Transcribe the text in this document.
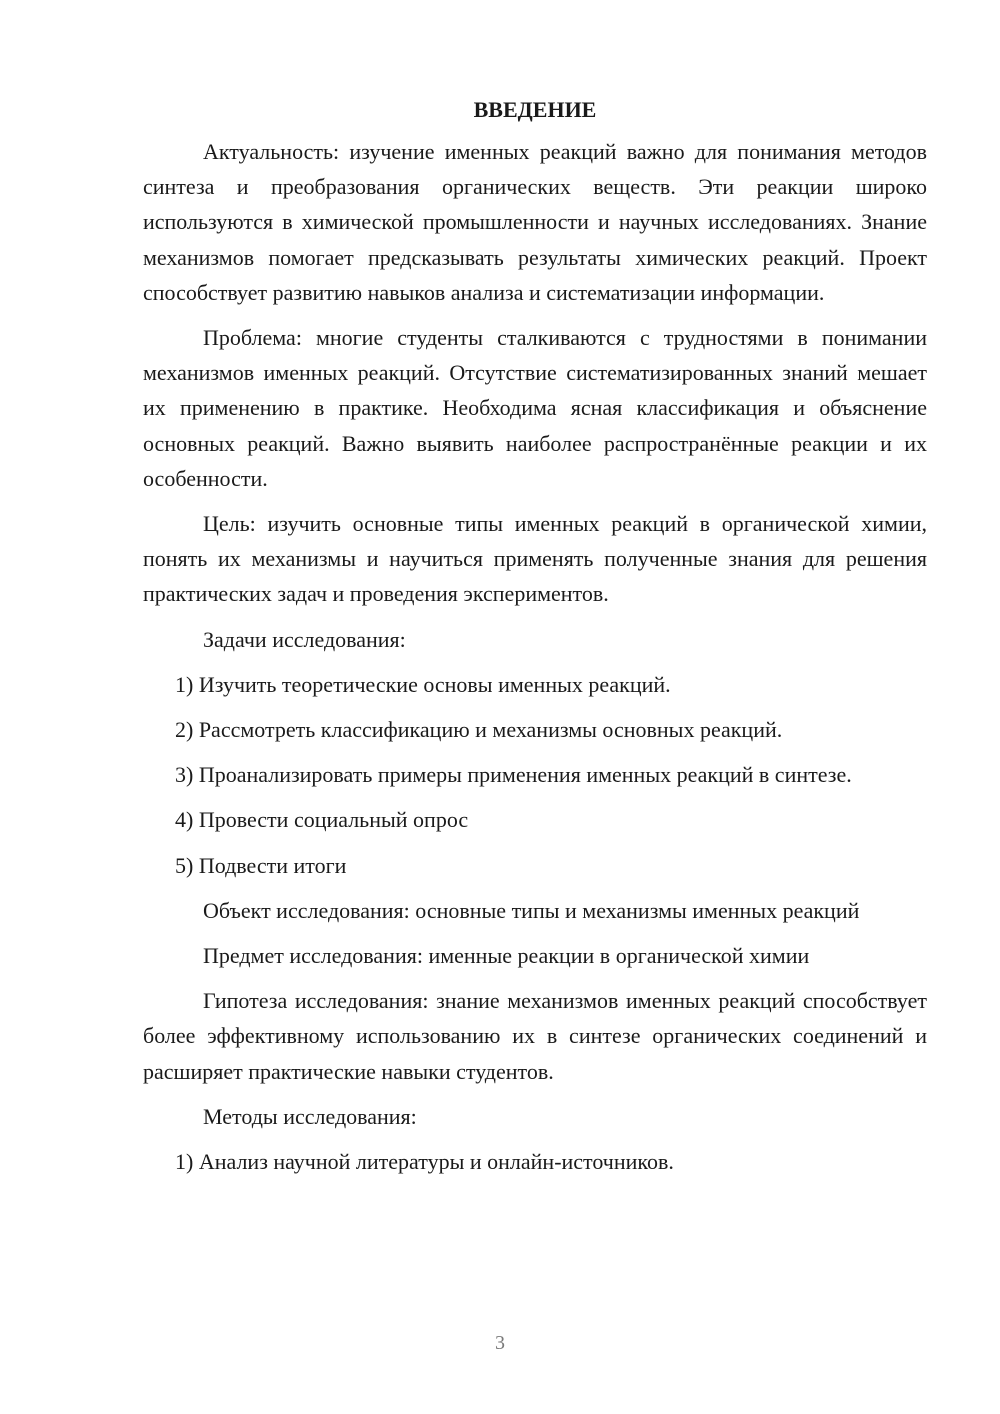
ВВЕДЕНИЕ

Актуальность: изучение именных реакций важно для понимания методов синтеза и преобразования органических веществ. Эти реакции широко используются в химической промышленности и научных исследованиях. Знание механизмов помогает предсказывать результаты химических реакций. Проект способствует развитию навыков анализа и систематизации информации.

Проблема: многие студенты сталкиваются с трудностями в понимании механизмов именных реакций. Отсутствие систематизированных знаний мешает их применению в практике. Необходима ясная классификация и объяснение основных реакций. Важно выявить наиболее распространённые реакции и их особенности.

Цель: изучить основные типы именных реакций в органической химии, понять их механизмы и научиться применять полученные знания для решения практических задач и проведения экспериментов.

Задачи исследования:

1) Изучить теоретические основы именных реакций.

2) Рассмотреть классификацию и механизмы основных реакций.

3) Проанализировать примеры применения именных реакций в синтезе.

4) Провести социальный опрос

5) Подвести итоги

Объект исследования: основные типы и механизмы именных реакций

Предмет исследования: именные реакции в органической химии

Гипотеза исследования: знание механизмов именных реакций способствует более эффективному использованию их в синтезе органических соединений и расширяет практические навыки студентов.

Методы исследования:

1) Анализ научной литературы и онлайн-источников.

3
